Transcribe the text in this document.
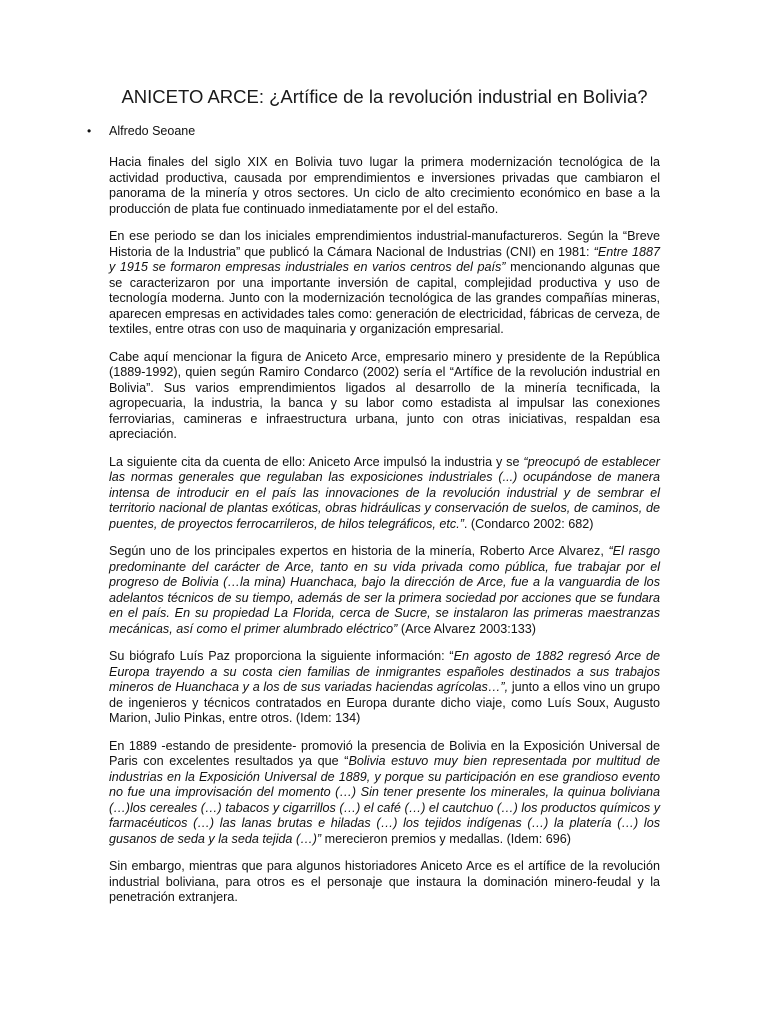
ANICETO ARCE: ¿Artífice de la revolución industrial en Bolivia?
• Alfredo Seoane

Hacia finales del siglo XIX en Bolivia tuvo lugar la primera modernización tecnológica de la actividad productiva, causada por emprendimientos e inversiones privadas que cambiaron el panorama de la minería y otros sectores. Un ciclo de alto crecimiento económico en base a la producción de plata fue continuado inmediatamente por el del estaño.

En ese periodo se dan los iniciales emprendimientos industrial-manufactureros. Según la “Breve Historia de la Industria” que publicó la Cámara Nacional de Industrias (CNI) en 1981: “Entre 1887 y 1915 se formaron empresas industriales en varios centros del país” mencionando algunas que se caracterizaron por una importante inversión de capital, complejidad productiva y uso de tecnología moderna. Junto con la modernización tecnológica de las grandes compañías mineras, aparecen empresas en actividades tales como: generación de electricidad, fábricas de cerveza, de textiles, entre otras con uso de maquinaria y organización empresarial.

Cabe aquí mencionar la figura de Aniceto Arce, empresario minero y presidente de la República (1889-1992), quien según Ramiro Condarco (2002) sería el “Artífice de la revolución industrial en Bolivia”. Sus varios emprendimientos ligados al desarrollo de la minería tecnificada, la agropecuaria, la industria, la banca y su labor como estadista al impulsar las conexiones ferroviarias, camineras e infraestructura urbana, junto con otras iniciativas, respaldan esa apreciación.

La siguiente cita da cuenta de ello: Aniceto Arce impulsó la industria y se “preocupó de establecer las normas generales que regulaban las exposiciones industriales (...) ocupándose de manera intensa de introducir en el país las innovaciones de la revolución industrial y de sembrar el territorio nacional de plantas exóticas, obras hidráulicas y conservación de suelos, de caminos, de puentes, de proyectos ferrocarrileros, de hilos telegráficos, etc.”. (Condarco 2002: 682)

Según uno de los principales expertos en historia de la minería, Roberto Arce Alvarez, “El rasgo predominante del carácter de Arce, tanto en su vida privada como pública, fue trabajar por el progreso de Bolivia (…la mina) Huanchaca, bajo la dirección de Arce, fue a la vanguardia de los adelantos técnicos de su tiempo, además de ser la primera sociedad por acciones que se fundara en el país. En su propiedad La Florida, cerca de Sucre, se instalaron las primeras maestranzas mecánicas, así como el primer alumbrado eléctrico” (Arce Alvarez 2003:133)

Su biógrafo Luís Paz proporciona la siguiente información: “En agosto de 1882 regresó Arce de Europa trayendo a su costa cien familias de inmigrantes españoles destinados a sus trabajos mineros de Huanchaca y a los de sus variadas haciendas agrícolas…”, junto a ellos vino un grupo de ingenieros y técnicos contratados en Europa durante dicho viaje, como Luís Soux, Augusto Marion, Julio Pinkas, entre otros. (Idem: 134)

En 1889 -estando de presidente- promovió la presencia de Bolivia en la Exposición Universal de Paris con excelentes resultados ya que “Bolivia estuvo muy bien representada por multitud de industrias en la Exposición Universal de 1889, y porque su participación en ese grandioso evento no fue una improvisación del momento (…) Sin tener presente los minerales, la quinua boliviana (…)los cereales (…) tabacos y cigarrillos (…) el café (…) el cautchuo (…) los productos químicos y farmacéuticos (…) las lanas brutas e hiladas (…) los tejidos indígenas (…) la platería (…) los gusanos de seda y la seda tejida (…)” merecieron premios y medallas. (Idem: 696)

Sin embargo, mientras que para algunos historiadores Aniceto Arce es el artífice de la revolución industrial boliviana, para otros es el personaje que instaura la dominación minero-feudal y la penetración extranjera.
